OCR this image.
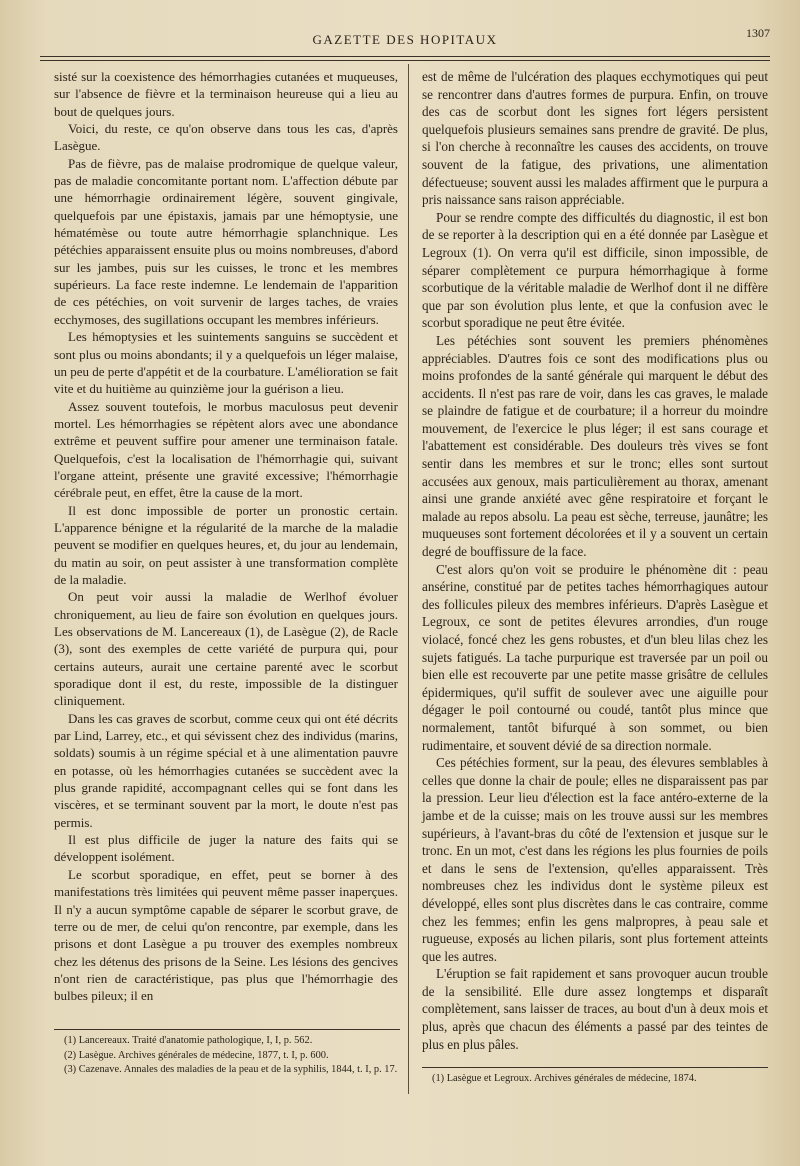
GAZETTE DES HOPITAUX	1307

sisté sur la coexistence des hémorrhagies cutanées et muqueuses, sur l'absence de fièvre et la terminaison heureuse qui a lieu au bout de quelques jours.

Voici, du reste, ce qu'on observe dans tous les cas, d'après Lasègue.

Pas de fièvre, pas de malaise prodromique de quelque valeur, pas de maladie concomitante portant nom. L'affection débute par une hémorrhagie ordinairement légère, souvent gingivale, quelquefois par une épistaxis, jamais par une hémoptysie, une hématémèse ou toute autre hémorrhagie splanchnique. Les pétéchies apparaissent ensuite plus ou moins nombreuses, d'abord sur les jambes, puis sur les cuisses, le tronc et les membres supérieurs. La face reste indemne. Le lendemain de l'apparition de ces pétéchies, on voit survenir de larges taches, de vraies ecchymoses, des sugillations occupant les membres inférieurs.

Les hémoptysies et les suintements sanguins se succèdent et sont plus ou moins abondants; il y a quelquefois un léger malaise, un peu de perte d'appétit et de la courbature. L'amélioration se fait vite et du huitième au quinzième jour la guérison a lieu.

Assez souvent toutefois, le morbus maculosus peut devenir mortel. Les hémorrhagies se répètent alors avec une abondance extrême et peuvent suffire pour amener une terminaison fatale. Quelquefois, c'est la localisation de l'hémorrhagie qui, suivant l'organe atteint, présente une gravité excessive; l'hémorrhagie cérébrale peut, en effet, être la cause de la mort.

Il est donc impossible de porter un pronostic certain. L'apparence bénigne et la régularité de la marche de la maladie peuvent se modifier en quelques heures, et, du jour au lendemain, du matin au soir, on peut assister à une transformation complète de la maladie.

On peut voir aussi la maladie de Werlhof évoluer chroniquement, au lieu de faire son évolution en quelques jours. Les observations de M. Lancereaux (1), de Lasègue (2), de Racle (3), sont des exemples de cette variété de purpura qui, pour certains auteurs, aurait une certaine parenté avec le scorbut sporadique dont il est, du reste, impossible de la distinguer cliniquement.

Dans les cas graves de scorbut, comme ceux qui ont été décrits par Lind, Larrey, etc., et qui sévissent chez des individus (marins, soldats) soumis à un régime spécial et à une alimentation pauvre en potasse, où les hémorrhagies cutanées se succèdent avec la plus grande rapidité, accompagnant celles qui se font dans les viscères, et se terminant souvent par la mort, le doute n'est pas permis.

Il est plus difficile de juger la nature des faits qui se développent isolément.

Le scorbut sporadique, en effet, peut se borner à des manifestations très limitées qui peuvent même passer inaperçues. Il n'y a aucun symptôme capable de séparer le scorbut grave, de terre ou de mer, de celui qu'on rencontre, par exemple, dans les prisons et dont Lasègue a pu trouver des exemples nombreux chez les détenus des prisons de la Seine. Les lésions des gencives n'ont rien de caractéristique, pas plus que l'hémorrhagie des bulbes pileux; il en

est de même de l'ulcération des plaques ecchymotiques qui peut se rencontrer dans d'autres formes de purpura. Enfin, on trouve des cas de scorbut dont les signes fort légers persistent quelquefois plusieurs semaines sans prendre de gravité. De plus, si l'on cherche à reconnaître les causes des accidents, on trouve souvent de la fatigue, des privations, une alimentation défectueuse; souvent aussi les malades affirment que le purpura a pris naissance sans raison appréciable.

Pour se rendre compte des difficultés du diagnostic, il est bon de se reporter à la description qui en a été donnée par Lasègue et Legroux (1). On verra qu'il est difficile, sinon impossible, de séparer complètement ce purpura hémorrhagique à forme scorbutique de la véritable maladie de Werlhof dont il ne diffère que par son évolution plus lente, et que la confusion avec le scorbut sporadique ne peut être évitée.

Les pétéchies sont souvent les premiers phénomènes appréciables. D'autres fois ce sont des modifications plus ou moins profondes de la santé générale qui marquent le début des accidents. Il n'est pas rare de voir, dans les cas graves, le malade se plaindre de fatigue et de courbature; il a horreur du moindre mouvement, de l'exercice le plus léger; il est sans courage et l'abattement est considérable. Des douleurs très vives se font sentir dans les membres et sur le tronc; elles sont surtout accusées aux genoux, mais particulièrement au thorax, amenant ainsi une grande anxiété avec gêne respiratoire et forçant le malade au repos absolu. La peau est sèche, terreuse, jaunâtre; les muqueuses sont fortement décolorées et il y a souvent un certain degré de bouffissure de la face.

C'est alors qu'on voit se produire le phénomène dit : peau ansérine, constitué par de petites taches hémorrhagiques autour des follicules pileux des membres inférieurs. D'après Lasègue et Legroux, ce sont de petites élevures arrondies, d'un rouge violacé, foncé chez les gens robustes, et d'un bleu lilas chez les sujets fatigués. La tache purpurique est traversée par un poil ou bien elle est recouverte par une petite masse grisâtre de cellules épidermiques, qu'il suffit de soulever avec une aiguille pour dégager le poil contourné ou coudé, tantôt plus mince que normalement, tantôt bifurqué à son sommet, ou bien rudimentaire, et souvent dévié de sa direction normale.

Ces pétéchies forment, sur la peau, des élevures semblables à celles que donne la chair de poule; elles ne disparaissent pas par la pression. Leur lieu d'élection est la face antéro-externe de la jambe et de la cuisse; mais on les trouve aussi sur les membres supérieurs, à l'avant-bras du côté de l'extension et jusque sur le tronc. En un mot, c'est dans les régions les plus fournies de poils et dans le sens de l'extension, qu'elles apparaissent. Très nombreuses chez les individus dont le système pileux est développé, elles sont plus discrètes dans le cas contraire, comme chez les femmes; enfin les gens malpropres, à peau sale et rugueuse, exposés au lichen pilaris, sont plus fortement atteints que les autres.

L'éruption se fait rapidement et sans provoquer aucun trouble de la sensibilité. Elle dure assez longtemps et disparaît complètement, sans laisser de traces, au bout d'un à deux mois et plus, après que chacun des éléments a passé par des teintes de plus en plus pâles.

(1) Lancereaux. Traité d'anatomie pathologique, I, I, p. 562.

(2) Lasègue. Archives générales de médecine, 1877, t. I, p. 600.

(3) Cazenave. Annales des maladies de la peau et de la syphilis, 1844, t. I, p. 17.

(1) Lasègue et Legroux. Archives générales de médecine, 1874.
